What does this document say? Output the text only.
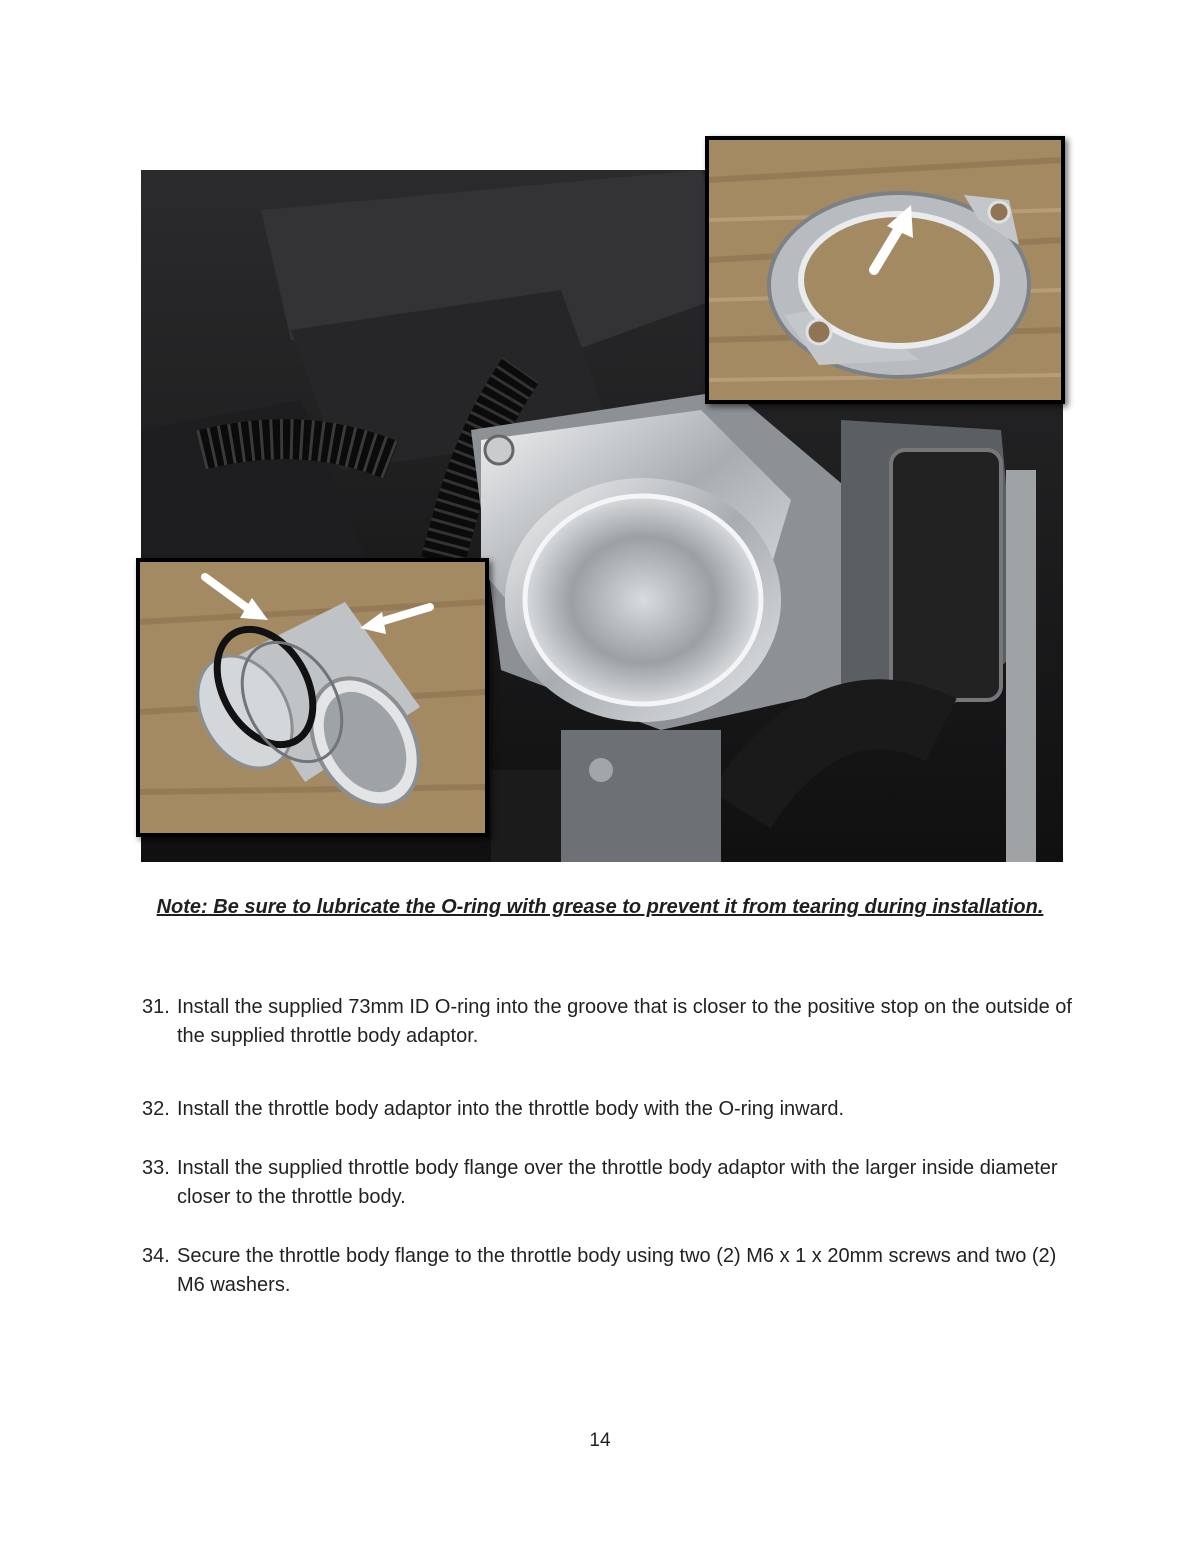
Note: Be sure to lubricate the O-ring with grease to prevent it from tearing during installation.
31. Install the supplied 73mm ID O-ring into the groove that is closer to the positive stop on the outside of the supplied throttle body adaptor.
32. Install the throttle body adaptor into the throttle body with the O-ring inward.
33. Install the supplied throttle body flange over the throttle body adaptor with the larger inside diameter closer to the throttle body.
34. Secure the throttle body flange to the throttle body using two (2) M6 x 1 x 20mm screws and two (2) M6 washers.
14
